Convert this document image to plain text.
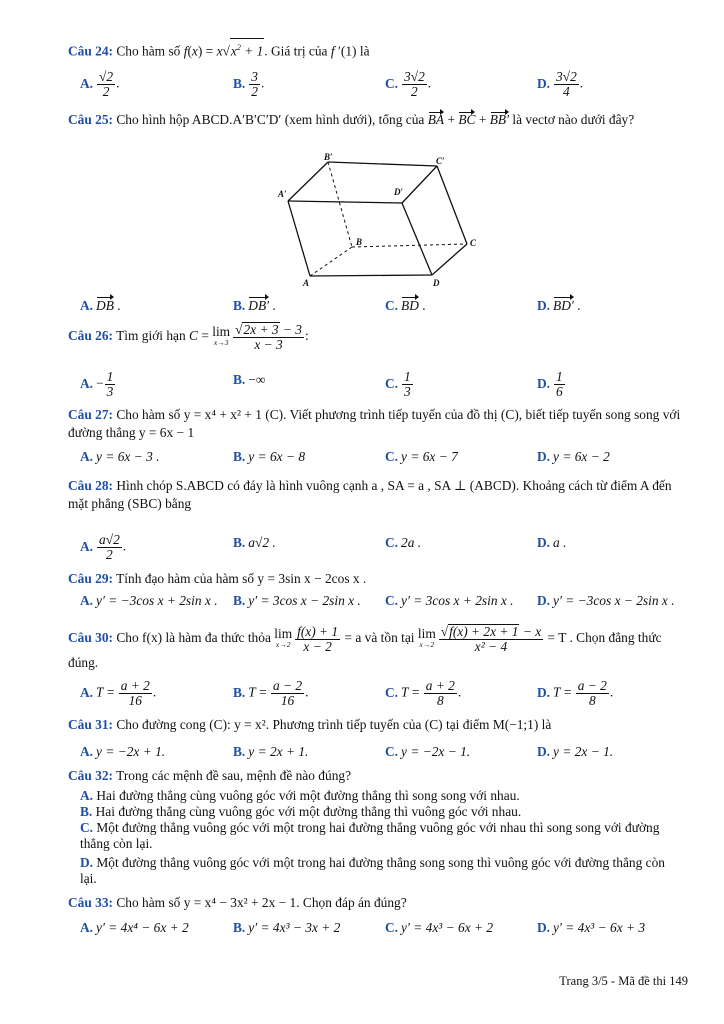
Câu 24: Cho hàm số $f(x) = x√x^2 + 1$. Giá trị của f ′(1) là
A. $\frac{√2}{2}$ .	B. $\frac{3}{2}$ .	C. $\frac{3√2}{2}$ .	D. $\frac{3√2}{4}$ .
Câu 25: Cho hình hộp ABCD.A′B′C′D′ (xem hình dưới), tổng của BA + BC + BB′ là vectơ nào dưới đây?
B′	C′
A′	D′
B	C
A	D
A. DB .	B. DB′ .	C. BD .	D. BD′ .
Câu 26: Tìm giới hạn C = lim
$x\to 3 \frac{√2x + 3 - 3}{x - 3}$ :
A. − $\frac{1}{3}$	B. −∞	C. $\frac{1}{3}$	D. $\frac{1}{6}$
Câu 27: Cho hàm số y = x⁴ + x² + 1 (C). Viết phương trình tiếp tuyến của đồ thị (C), biết tiếp tuyến song song với đường thẳng y = 6x − 1
A. y = 6x − 3 .	B. y = 6x − 8	C. y = 6x − 7	D. y = 6x − 2
Câu 28: Hình chóp S.ABCD có đáy là hình vuông cạnh a , SA = a , SA ⊥ (ABCD). Khoảng cách từ điểm A đến mặt phẳng (SBC) bằng
A. $\frac{a√2}{2}$ .	B. a√2 .	C. 2a .	D. a .
Câu 29: Tính đạo hàm của hàm số y = 3sin x − 2cos x .
A. y′ = −3cos x + 2sin x . B. y′ = 3cos x − 2sin x . C. y′ = 3cos x + 2sin x . D. y′ = −3cos x − 2sin x .
Câu 30: Cho f(x) là hàm đa thức thỏa lim
$x\to 2 \frac{f(x) + 1}{x - 2} = a$ và tồn tại lim
$x\to 2 \frac{√f(x) + 2x + 1 - x}{\text{x² − 4}} = T$ . Chọn đẳng thức đúng.
A. $T = \frac{a + 2}{16}$ .	B. $T = \frac{a - 2}{16}$ .	C. $T = \frac{a + 2}{8}$ .	D. $T = \frac{a - 2}{8}$ .
Câu 31: Cho đường cong (C): y = x². Phương trình tiếp tuyến của (C) tại điểm M(−1;1) là
A. y = −2x + 1.	B. y = 2x + 1.	C. y = −2x − 1.	D. y = 2x − 1.
Câu 32: Trong các mệnh đề sau, mệnh đề nào đúng?
A. Hai đường thẳng cùng vuông góc với một đường thẳng thì song song với nhau.
B. Hai đường thẳng cùng vuông góc với một đường thẳng thì vuông góc với nhau.
C. Một đường thẳng vuông góc với một trong hai đường thẳng vuông góc với nhau thì song song với đường thẳng còn lại.
D. Một đường thẳng vuông góc với một trong hai đường thẳng song song thì vuông góc với đường thẳng còn lại.
Câu 33: Cho hàm số y = x⁴ − 3x² + 2x − 1. Chọn đáp án đúng?
A. y′ = 4x⁴ − 6x + 2	B. y′ = 4x³ − 3x + 2	C. y′ = 4x³ − 6x + 2	D. y′ = 4x³ − 6x + 3
Trang 3/5 - Mã đề thi 149
